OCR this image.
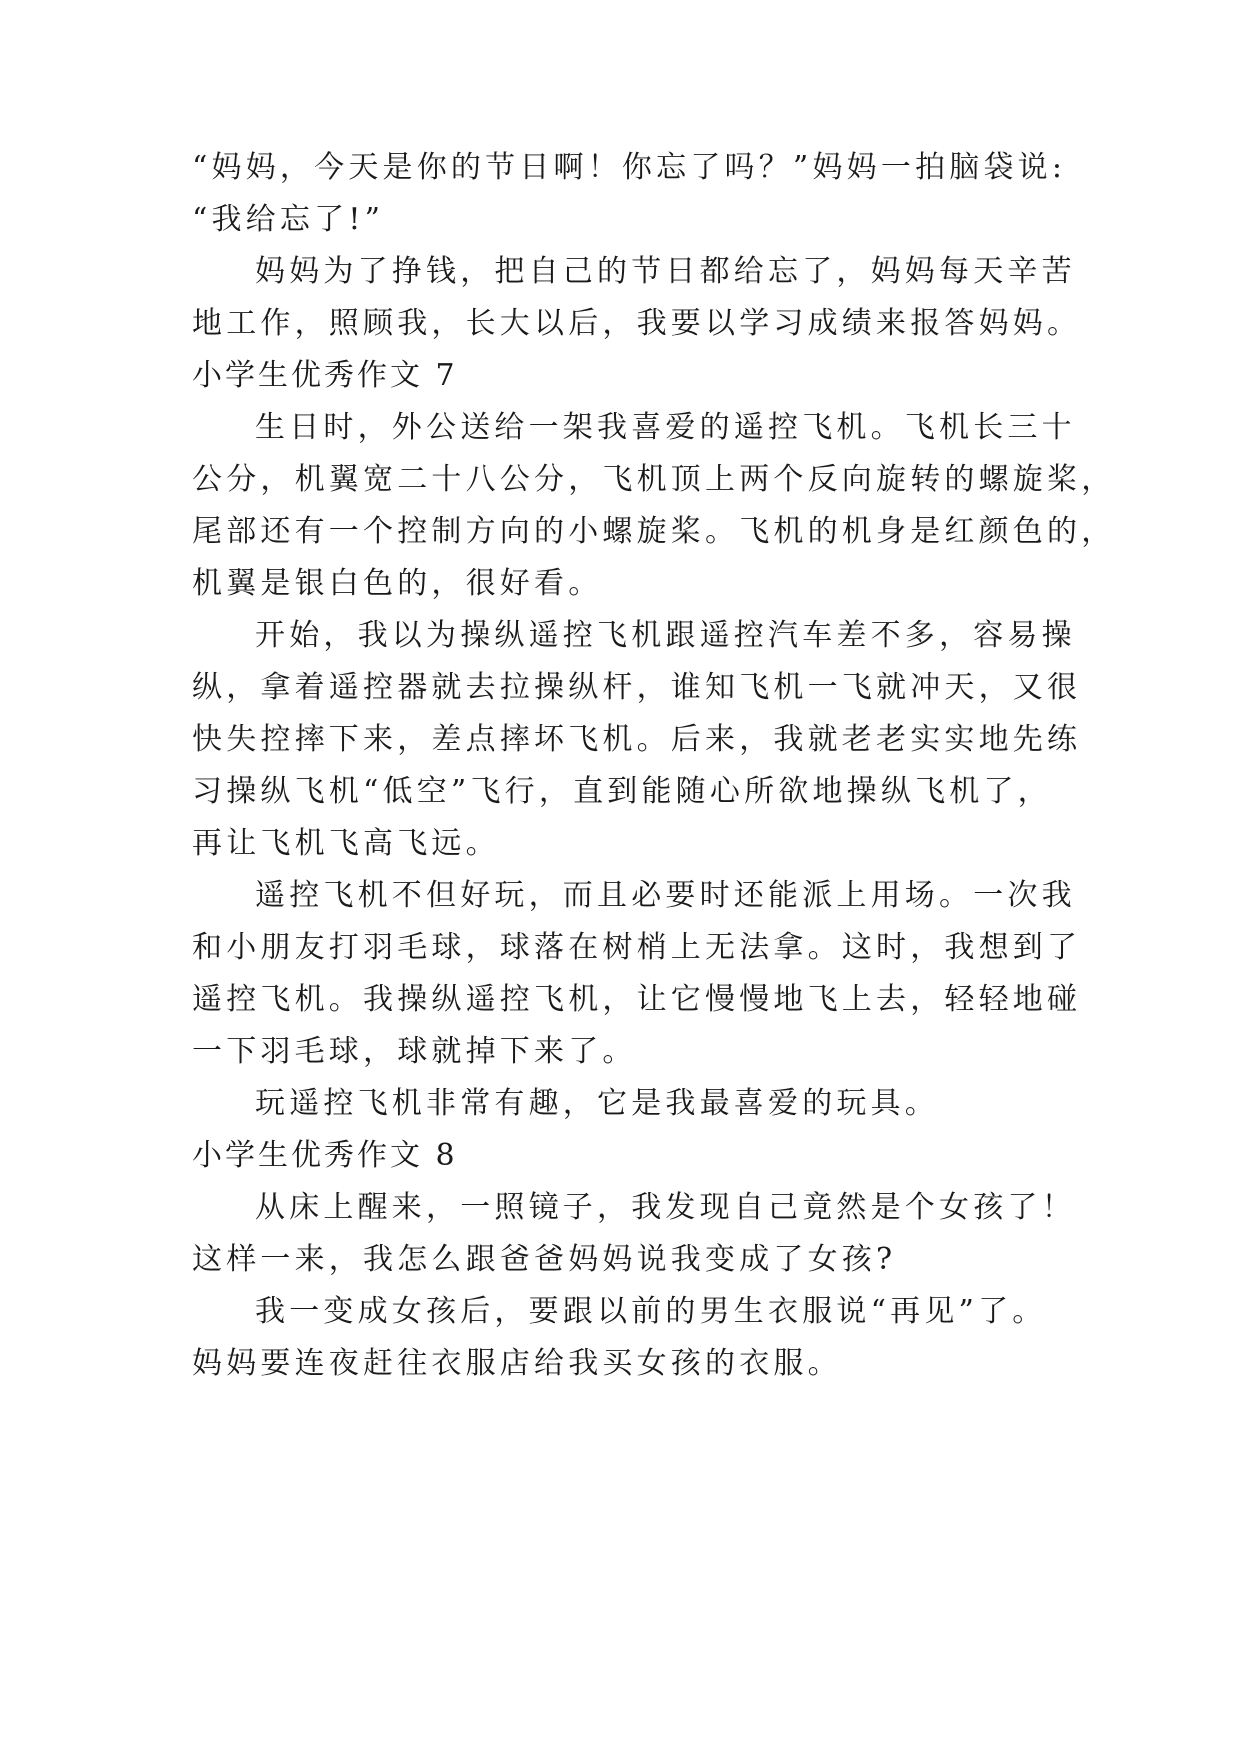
“妈妈，今天是你的节日啊！你忘了吗？”妈妈一拍脑袋说:
“我给忘了!”
妈妈为了挣钱，把自己的节日都给忘了，妈妈每天辛苦
地工作，照顾我，长大以后，我要以学习成绩来报答妈妈。
小学生优秀作文 7
生日时，外公送给一架我喜爱的遥控飞机。飞机长三十
公分，机翼宽二十八公分，飞机顶上两个反向旋转的螺旋桨，
尾部还有一个控制方向的小螺旋桨。飞机的机身是红颜色的，
机翼是银白色的，很好看。
开始，我以为操纵遥控飞机跟遥控汽车差不多，容易操
纵，拿着遥控器就去拉操纵杆，谁知飞机一飞就冲天，又很
快失控摔下来，差点摔坏飞机。后来，我就老老实实地先练
习操纵飞机“低空”飞行，直到能随心所欲地操纵飞机了，
再让飞机飞高飞远。
遥控飞机不但好玩，而且必要时还能派上用场。一次我
和小朋友打羽毛球，球落在树梢上无法拿。这时，我想到了
遥控飞机。我操纵遥控飞机，让它慢慢地飞上去，轻轻地碰
一下羽毛球，球就掉下来了。
玩遥控飞机非常有趣，它是我最喜爱的玩具。
小学生优秀作文 8
从床上醒来，一照镜子，我发现自己竟然是个女孩了！
这样一来，我怎么跟爸爸妈妈说我变成了女孩?
我一变成女孩后，要跟以前的男生衣服说“再见”了。
妈妈要连夜赶往衣服店给我买女孩的衣服。
